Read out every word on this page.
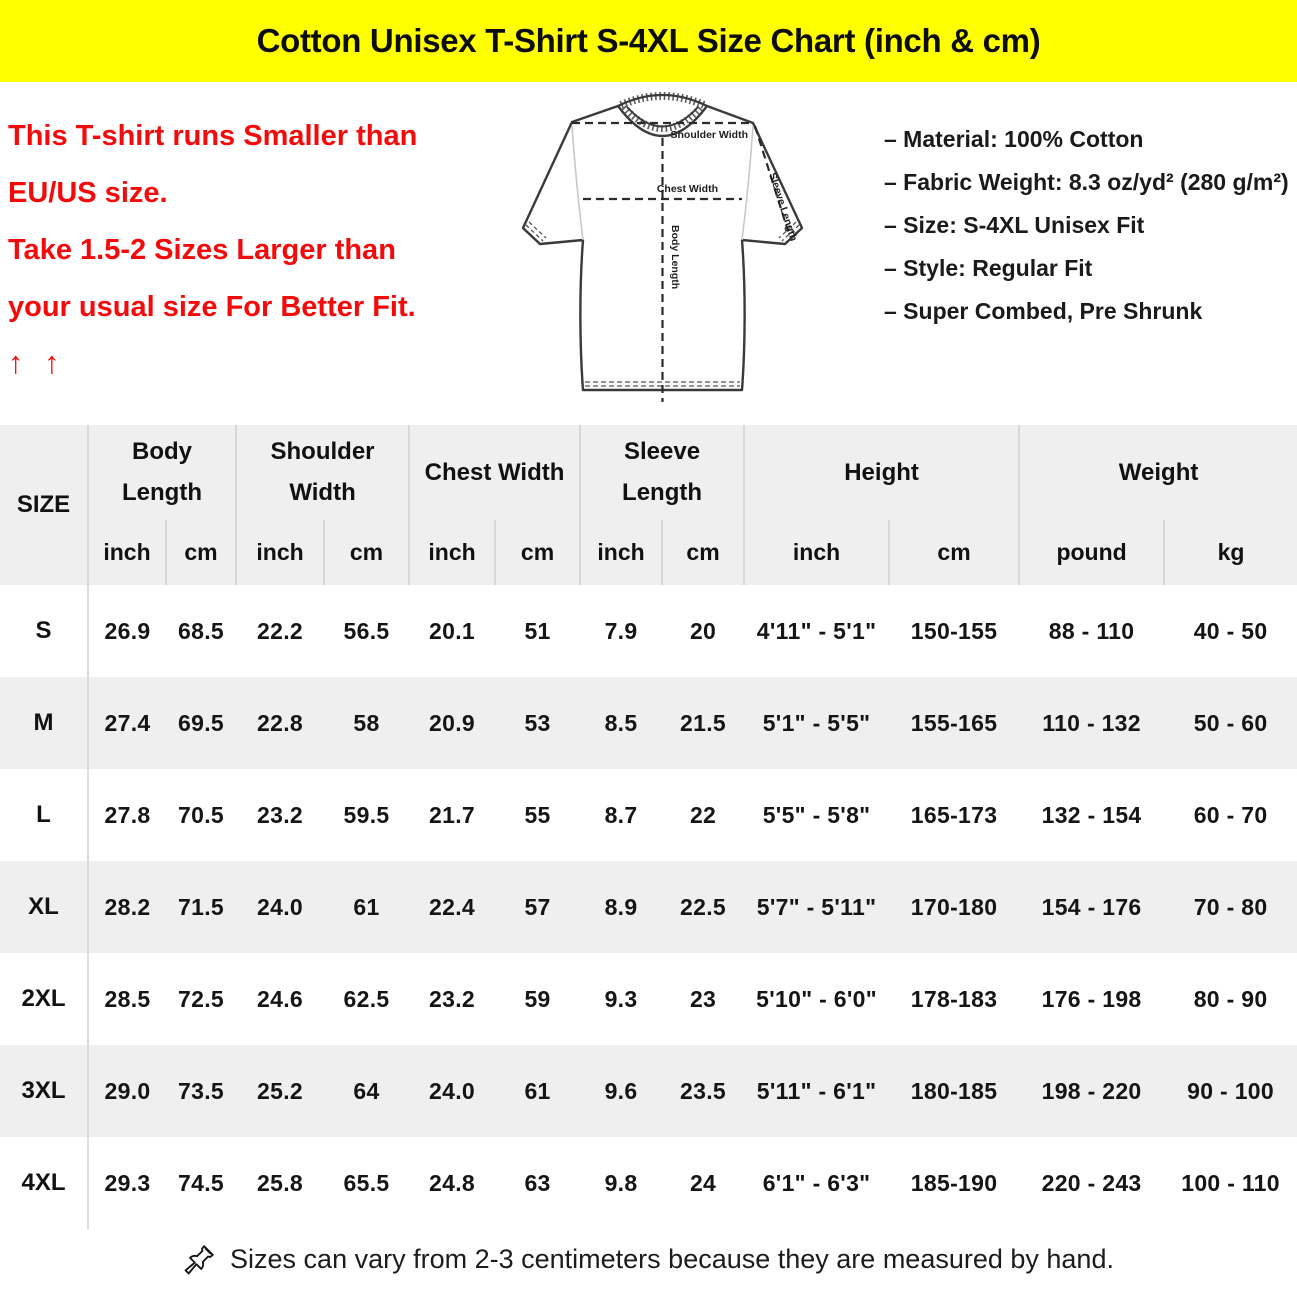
Cotton Unisex T-Shirt S-4XL Size Chart (inch & cm)
This T-shirt runs Smaller than
EU/US size.
Take 1.5-2 Sizes Larger than
your usual size For Better Fit.
↑ ↑
Shoulder Width
Chest Width
Body Length
Sleeve Length
– Material: 100% Cotton
– Fabric Weight: 8.3 oz/yd² (280 g/m²)
– Size: S-4XL Unisex Fit
– Style: Regular Fit
– Super Combed, Pre Shrunk
SIZE	Body Length		Shoulder Width		Chest Width		Sleeve Length		Height		Weight	
	inch	cm	inch	cm	inch	cm	inch	cm	inch	cm	pound	kg
S	26.9	68.5	22.2	56.5	20.1	51	7.9	20	4'11" - 5'1"	150-155	88 - 110	40 - 50
M	27.4	69.5	22.8	58	20.9	53	8.5	21.5	5'1" - 5'5"	155-165	110 - 132	50 - 60
L	27.8	70.5	23.2	59.5	21.7	55	8.7	22	5'5" - 5'8"	165-173	132 - 154	60 - 70
XL	28.2	71.5	24.0	61	22.4	57	8.9	22.5	5'7" - 5'11"	170-180	154 - 176	70 - 80
2XL	28.5	72.5	24.6	62.5	23.2	59	9.3	23	5'10" - 6'0"	178-183	176 - 198	80 - 90
3XL	29.0	73.5	25.2	64	24.0	61	9.6	23.5	5'11" - 6'1"	180-185	198 - 220	90 - 100
4XL	29.3	74.5	25.8	65.5	24.8	63	9.8	24	6'1" - 6'3"	185-190	220 - 243	100 - 110
Sizes can vary from 2-3 centimeters because they are measured by hand.
